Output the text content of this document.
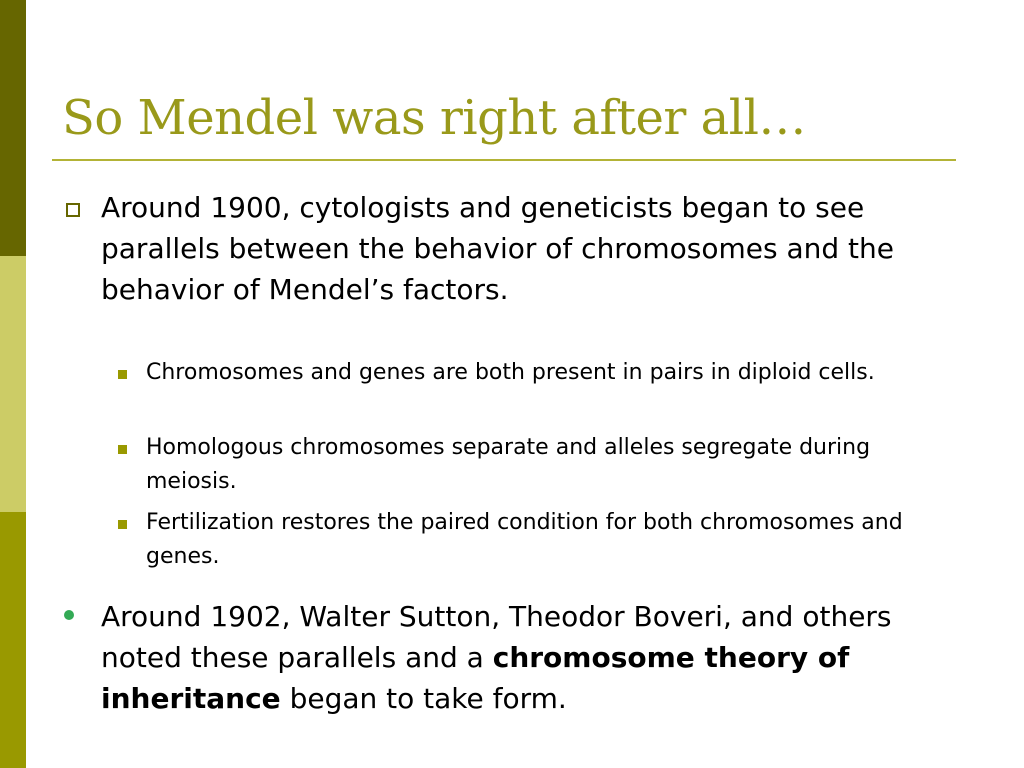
So Mendel was right after all…
Around 1900, cytologists and geneticists began to see parallels between the behavior of chromosomes and the behavior of Mendel’s factors.
Chromosomes and genes are both present in pairs in diploid cells.
Homologous chromosomes separate and alleles segregate during meiosis.
Fertilization restores the paired condition for both chromosomes and genes.
Around 1902, Walter Sutton, Theodor Boveri, and others noted these parallels and a chromosome theory of inheritance began to take form.
